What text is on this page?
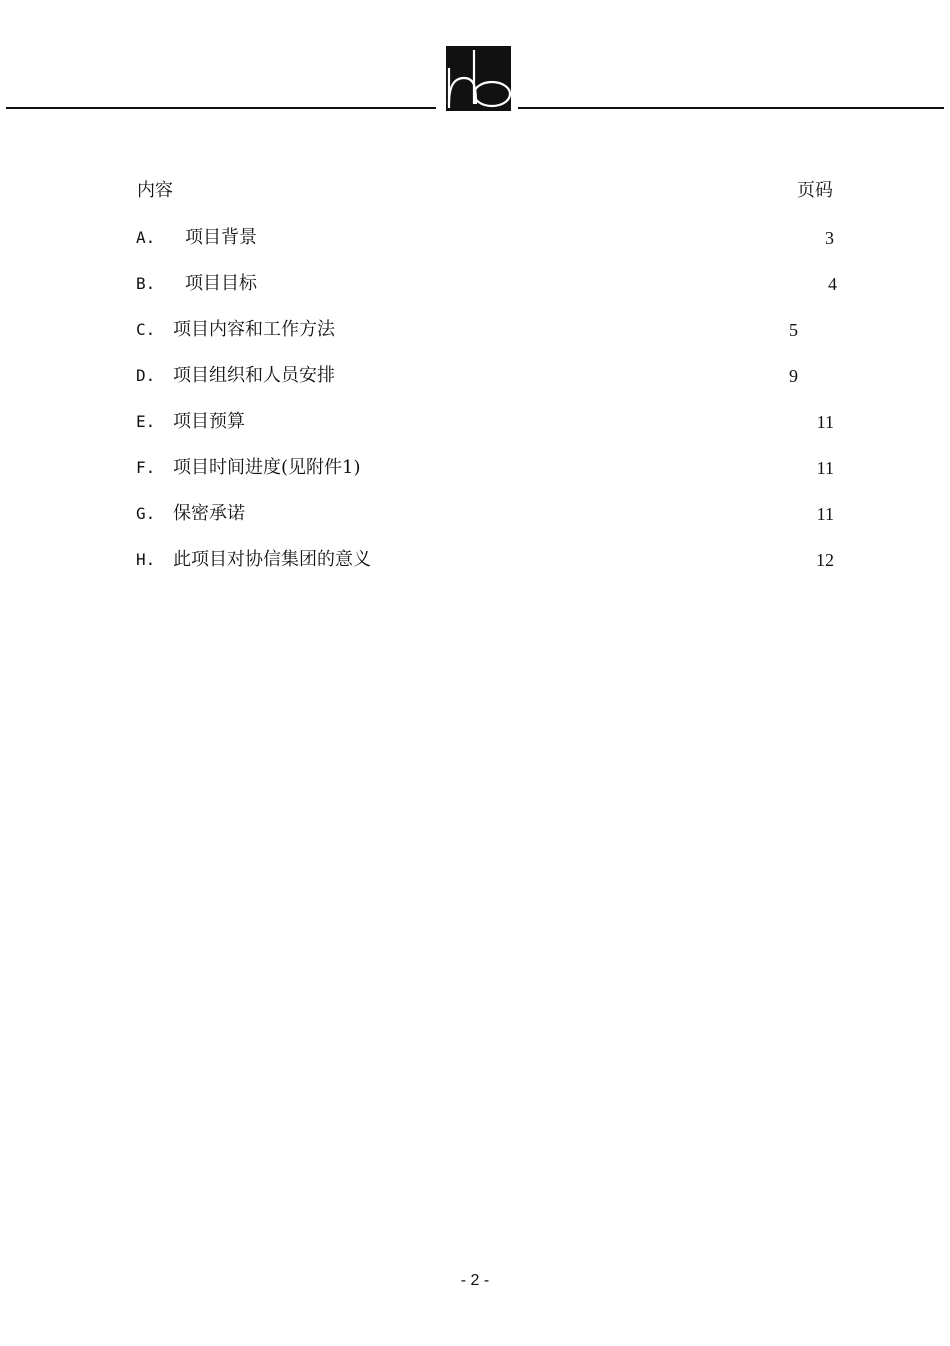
内容	页码
A. 项目背景	3
B. 项目目标	4
C. 项目内容和工作方法	5
D. 项目组织和人员安排	9
E. 项目预算	11
F. 项目时间进度(见附件1)	11
G. 保密承诺	11
H. 此项目对协信集团的意义	12
- 2 -
